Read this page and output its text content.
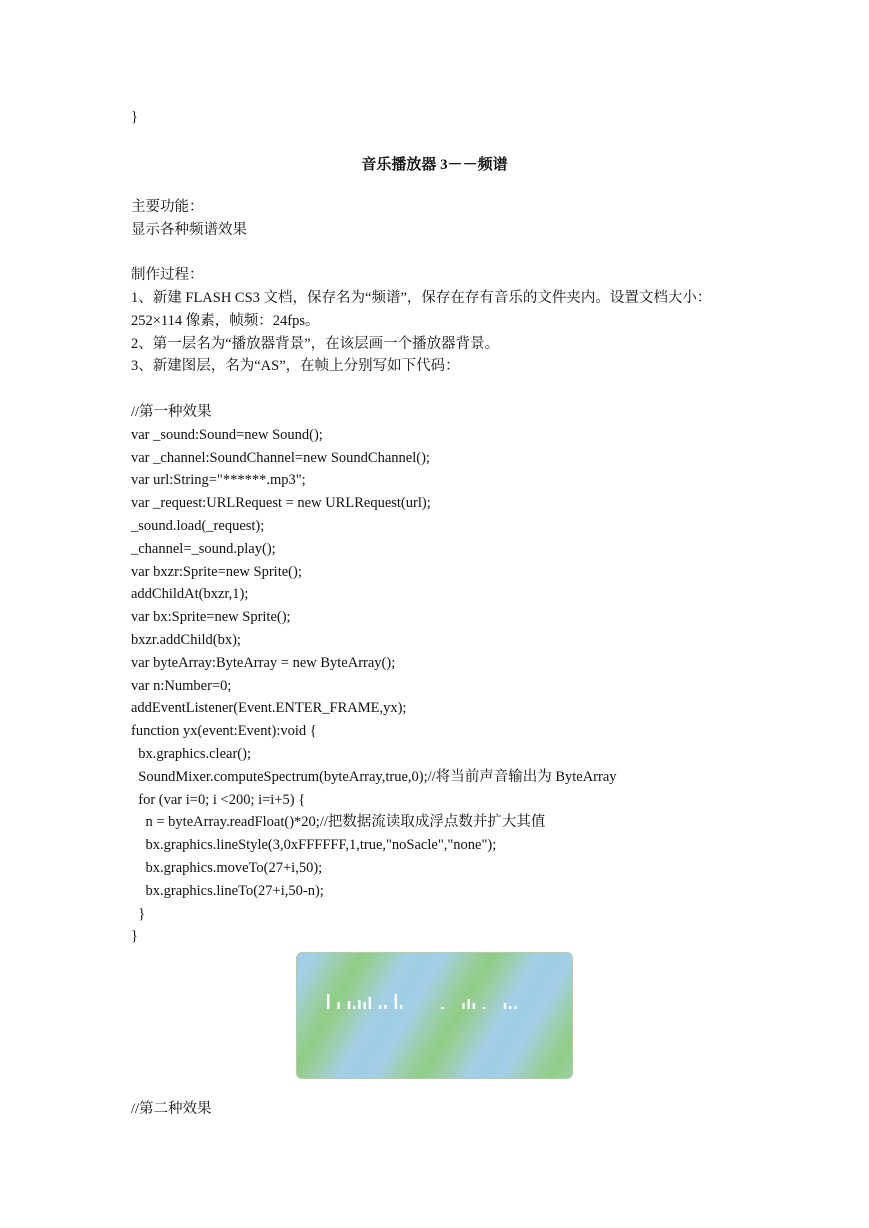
}
音乐播放器 3－－频谱
主要功能：
显示各种频谱效果
制作过程：
1、新建 FLASH CS3 文档，保存名为“频谱”，保存在存有音乐的文件夹内。设置文档大小：
252×114 像素，帧频：24fps。
2、第一层名为“播放器背景”，在该层画一个播放器背景。
3、新建图层，名为“AS”，在帧上分别写如下代码：
//第一种效果
var _sound:Sound=new Sound();
var _channel:SoundChannel=new SoundChannel();
var url:String="******.mp3";
var _request:URLRequest = new URLRequest(url);
_sound.load(_request);
_channel=_sound.play();
var bxzr:Sprite=new Sprite();
addChildAt(bxzr,1);
var bx:Sprite=new Sprite();
bxzr.addChild(bx);
var byteArray:ByteArray = new ByteArray();
var n:Number=0;
addEventListener(Event.ENTER_FRAME,yx);
function yx(event:Event):void {
bx.graphics.clear();
SoundMixer.computeSpectrum(byteArray,true,0);//将当前声音输出为 ByteArray
for (var i=0; i <200; i=i+5) {
n = byteArray.readFloat()*20;//把数据流读取成浮点数并扩大其值
bx.graphics.lineStyle(3,0xFFFFFF,1,true,"noSacle","none");
bx.graphics.moveTo(27+i,50);
bx.graphics.lineTo(27+i,50-n);
}
}
//第二种效果
